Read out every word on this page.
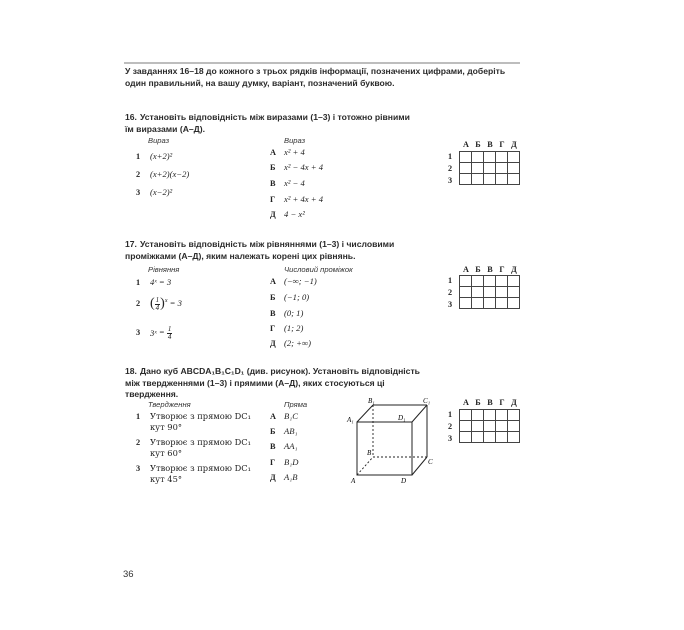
У завданнях 16–18 до кожного з трьох рядків інформації, позначених цифрами, доберіть один правильний, на вашу думку, варіант, позначений буквою.
16. Установіть відповідність між виразами (1–3) і тотожно рівними їм виразами (А–Д).
Вираз	Вираз
1 (x+2)²
2 (x+2)(x−2)
3 (x−2)²
А x² + 4
Б x² − 4x + 4
В x² − 4
Г x² + 4x + 4
Д 4 − x²
А Б В Г Д
1
2
3

17. Установіть відповідність між рівняннями (1–3) і числовими проміжками (А–Д), яким належать корені цих рівнянь.
Рівняння	Числовий проміжок
1 4ˣ = 3
2 ( $\frac{1}{4} )^x = 3$
3 3ˣ = $\frac{1}{4}$
А (−∞; −1)
Б (−1; 0)
В (0; 1)
Г (1; 2)
Д (2; +∞)
А Б В Г Д
1
2
3

18. Дано куб ABCDA₁B₁C₁D₁ (див. рисунок). Установіть відповідність між твердженнями (1–3) і прямими (А–Д), яких стосуються ці твердження.
Твердження	Пряма
1 Утворює з прямою DC₁
кут 90°
2 Утворює з прямою DC₁
кут 60°
3 Утворює з прямою DC₁
кут 45°
А B₁C
Б AB₁
В AA₁
Г B₁D
Д A₁B
B₁	C₁
A₁	D₁
B
C
A	D
А Б В Г Д
1
2
3

36
